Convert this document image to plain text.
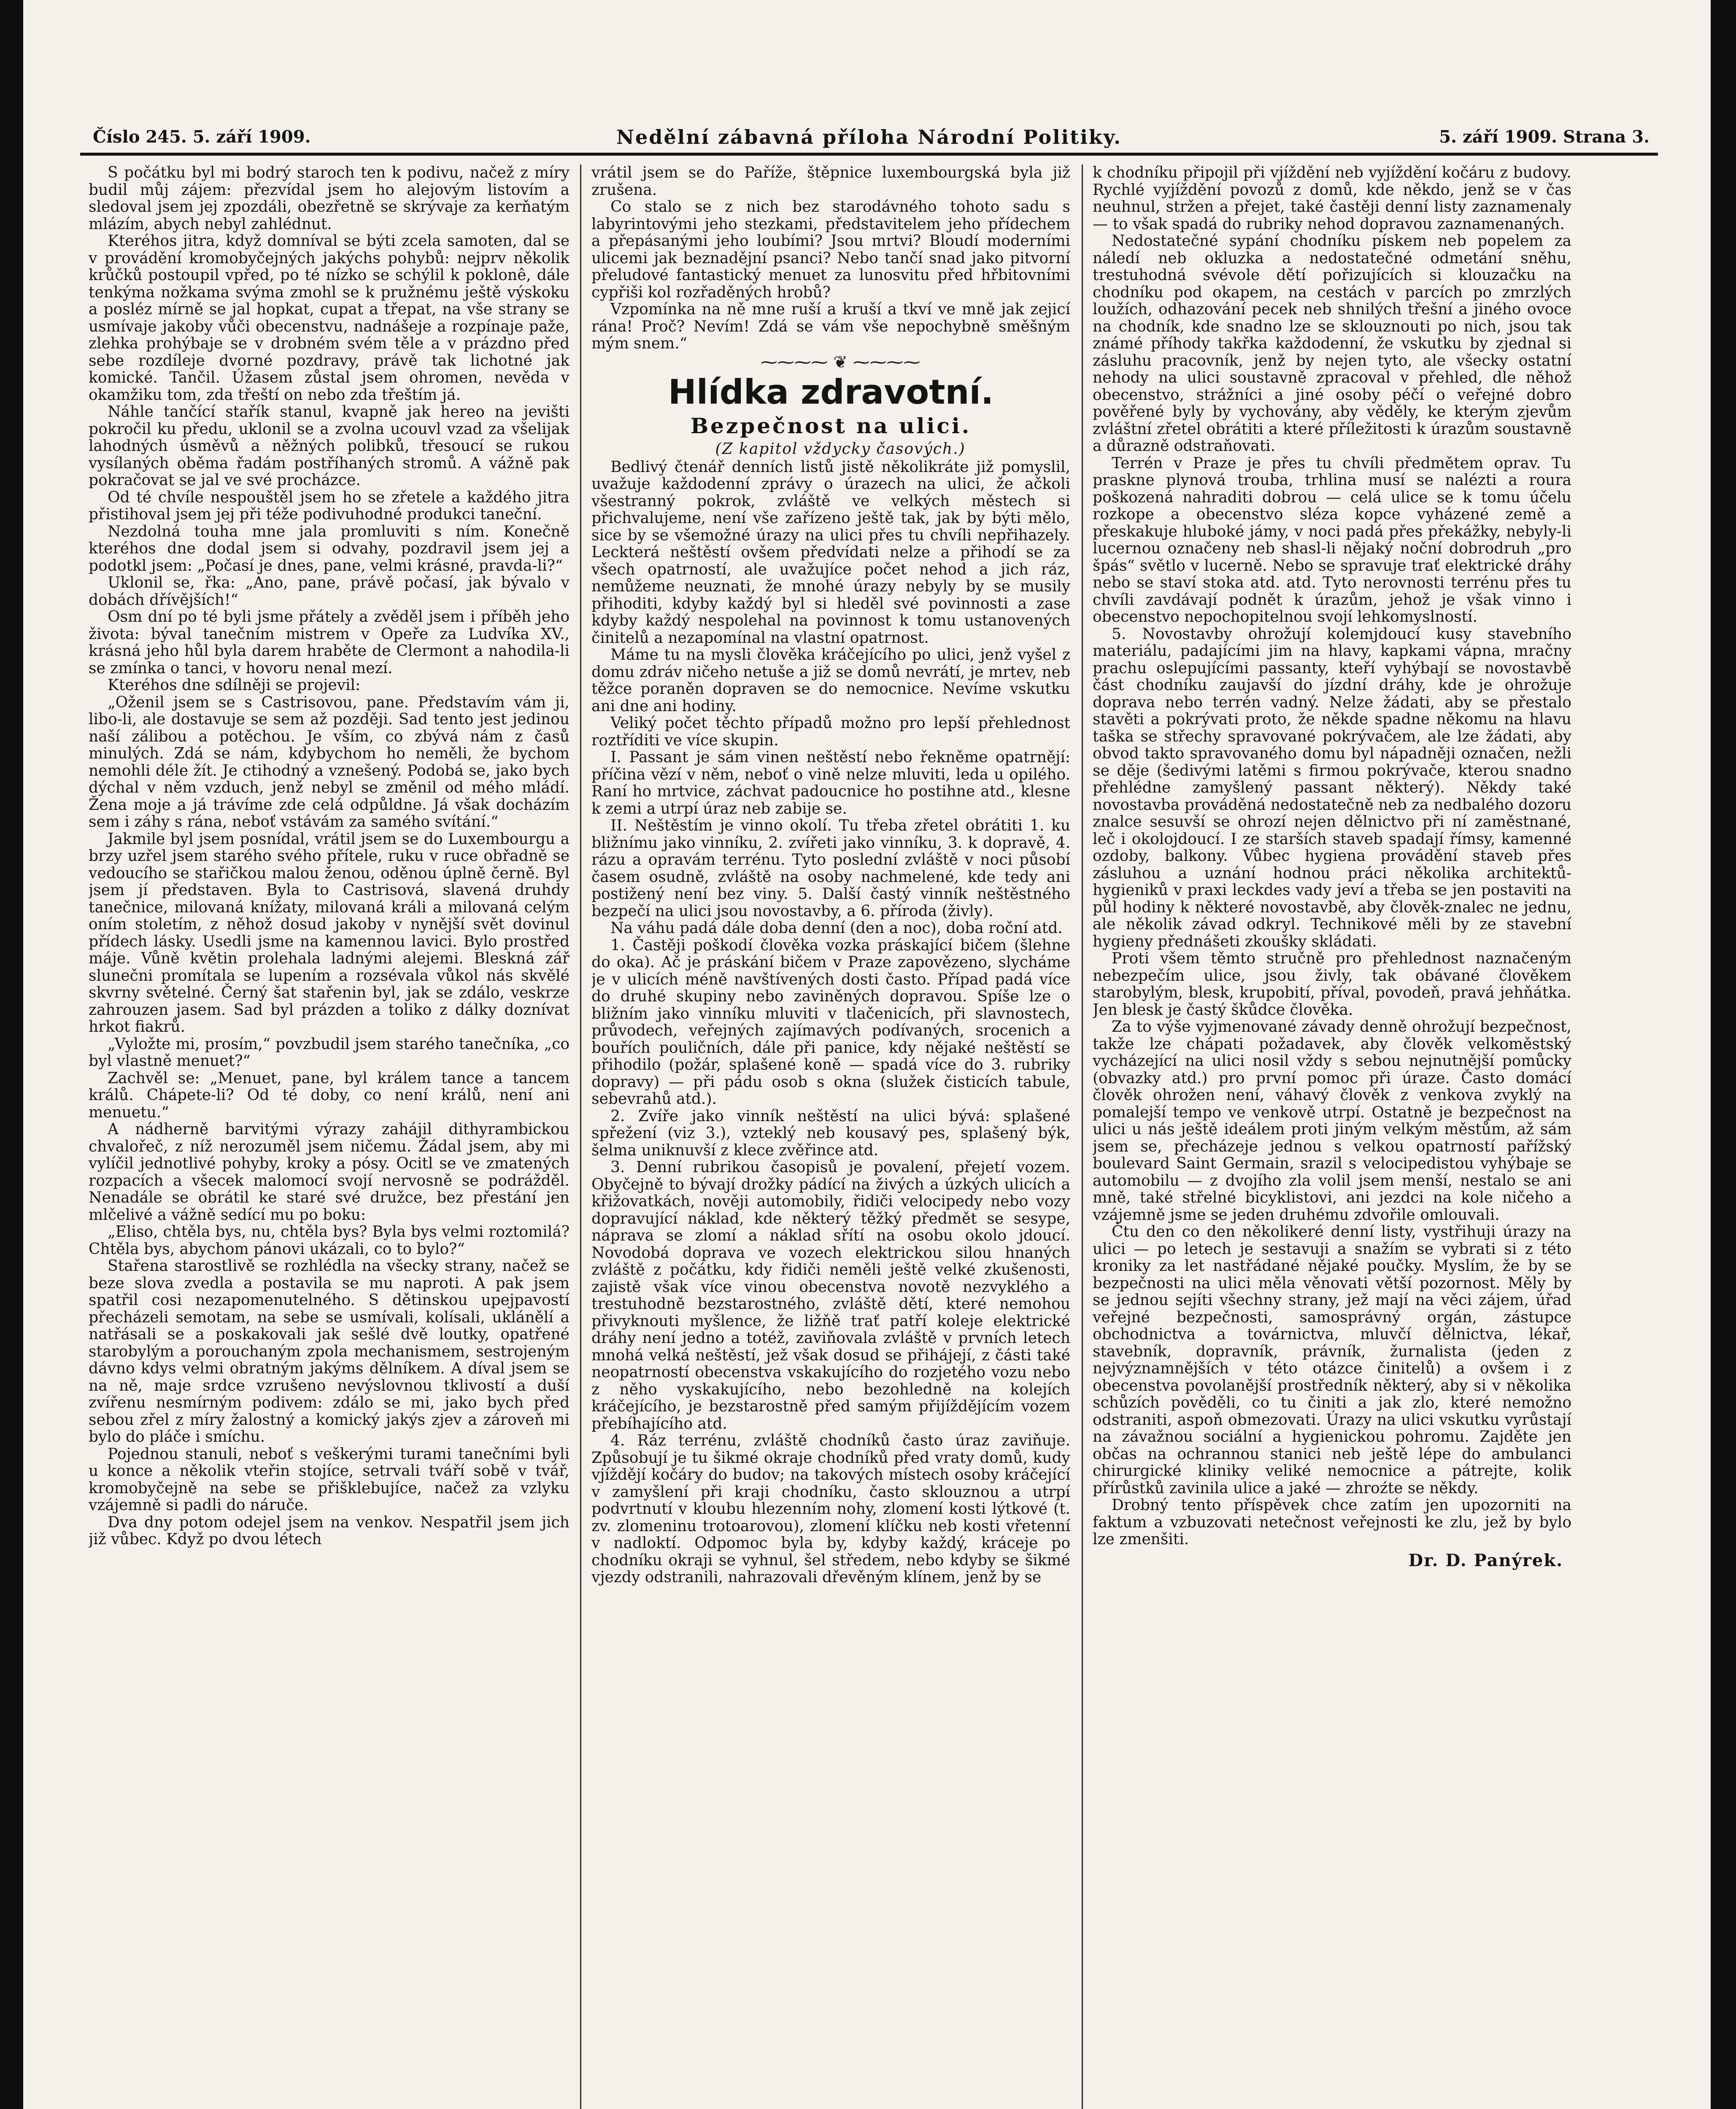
Číslo 245. 5. září 1909.	Nedělní zábavná příloha Národní Politiky.	5. září 1909. Strana 3.

S počátku byl mi bodrý staroch ten k podivu, načež z míry budil můj zájem: přezvídal jsem ho alejovým listovím a sledoval jsem jej zpozdáli, obezřetně se skrývaje za kerňatým mlázím, abych nebyl zahlédnut.

Kteréhos jitra, když domníval se býti zcela samoten, dal se v provádění kromobyčejných jakýchs pohybů: nejprv několik krůčků postoupil vpřed, po té nízko se schýlil k poklonê, dále tenkýma nožkama svýma zmohl se k pružnému ještě výskoku a posléz mírně se jal hopkat, cupat a třepat, na vše strany se usmívaje jakoby vůči obecenstvu, nadnášeje a rozpínaje paže, zlehka prohýbaje se v drobném svém těle a v prázdno před sebe rozdíleje dvorné pozdravy, právě tak lichotné jak komické. Tančil. Úžasem zůstal jsem ohromen, nevěda v okamžiku tom, zda třeští on nebo zda třeštím já.

Náhle tančící stařík stanul, kvapně jak hereo na jevišti pokročil ku předu, uklonil se a zvolna ucouvl vzad za všelijak lahodných úsměvů a něžných polibků, třesoucí se rukou vysílaných oběma řadám postříhaných stromů. A vážně pak pokračovat se jal ve své procházce.

Od té chvíle nespouštěl jsem ho se zřetele a každého jitra přistihoval jsem jej při téže podivuhodné produkci taneční.

Nezdolná touha mne jala promluviti s ním. Konečně kteréhos dne dodal jsem si odvahy, pozdravil jsem jej a podotkl jsem: „Počasí je dnes, pane, velmi krásné, pravda-li?“

Uklonil se, řka: „Ano, pane, právě počasí, jak bývalo v dobách dřívějších!“

Osm dní po té byli jsme přátely a zvěděl jsem i příběh jeho života: býval tanečním mistrem v Opeře za Ludvíka XV., krásná jeho hůl byla darem hraběte de Clermont a nahodila-li se zmínka o tanci, v hovoru nenal mezí.

Kteréhos dne sdílněji se projevil:

„Oženil jsem se s Castrisovou, pane. Představím vám ji, libo-li, ale dostavuje se sem až později. Sad tento jest jedinou naší zálibou a potěchou. Je vším, co zbývá nám z časů minulých. Zdá se nám, kdybychom ho neměli, že bychom nemohli déle žít. Je ctihodný a vznešený. Podobá se, jako bych dýchal v něm vzduch, jenž nebyl se změnil od mého mládí. Žena moje a já trávíme zde celá odpůldne. Já však docházím sem i záhy s rána, neboť vstávám za samého svítání.“

Jakmile byl jsem posnídal, vrátil jsem se do Luxembourgu a brzy uzřel jsem starého svého přítele, ruku v ruce obřadně se vedoucího se stařičkou malou ženou, oděnou úplně černě. Byl jsem jí představen. Byla to Castrisová, slavená druhdy tanečnice, milovaná knížaty, milovaná králi a milovaná celým oním stoletím, z něhož dosud jakoby v nynější svět dovinul přídech lásky. Usedli jsme na kamennou lavici. Bylo prostřed máje. Vůně květin prolehala ladnými alejemi. Bleskná zář slunečni promítala se lupením a rozsévala vůkol nás skvělé skvrny světelné. Černý šat stařenin byl, jak se zdálo, veskrze zahrouzen jasem. Sad byl prázden a toliko z dálky doznívat hrkot fiakrů.

„Vyložte mi, prosím,“ povzbudil jsem starého tanečníka, „co byl vlastně menuet?“

Zachvěl se: „Menuet, pane, byl králem tance a tancem králů. Chápete-li? Od té doby, co není králů, není ani menuetu.“

A nádherně barvitými výrazy zahájil dithyrambickou chvalořeč, z níž nerozuměl jsem ničemu. Žádal jsem, aby mi vylíčil jednotlivé pohyby, kroky a pósy. Ocitl se ve zmatených rozpacích a všecek malomocí svojí nervosně se podrážděl. Nenadále se obrátil ke staré své družce, bez přestání jen mlčelivé a vážně sedící mu po boku:

„Eliso, chtěla bys, nu, chtěla bys? Byla bys velmi roztomilá? Chtěla bys, abychom pánovi ukázali, co to bylo?“

Stařena starostlivě se rozhlédla na všecky strany, načež se beze slova zvedla a postavila se mu naproti. A pak jsem spatřil cosi nezapomenutelného. S dětinskou upejpavostí přecházeli semotam, na sebe se usmívali, kolísali, uklánělí a natřásali se a poskakovali jak sešlé dvě loutky, opatřené starobylým a porouchaným zpola mechanismem, sestrojeným dávno kdys velmi obratným jakýms dělníkem. A díval jsem se na ně, maje srdce vzrušeno nevýslovnou tklivostí a duší zvířenu nesmírným podivem: zdálo se mi, jako bych před sebou zřel z míry žalostný a komický jakýs zjev a zároveň mi bylo do pláče i smíchu.

Pojednou stanuli, neboť s veškerými turami tanečními byli u konce a několik vteřin stojíce, setrvali tváří sobě v tvář, kromobyčejně na sebe se přišklebujíce, načež za vzlyku vzájemně si padli do náruče.

Dva dny potom odejel jsem na venkov. Nespatřil jsem jich již vůbec. Když po dvou létech

vrátil jsem se do Paříže, štěpnice luxembourgská byla již zrušena.

Co stalo se z nich bez starodávného tohoto sadu s labyrintovými jeho stezkami, představitelem jeho přídechem a přepásanými jeho loubími? Jsou mrtvi? Bloudí moderními ulicemi jak beznadějní psanci? Nebo tančí snad jako pitvorní přeludové fantastický menuet za lunosvitu před hřbitovními cypřiši kol rozřaděných hrobů?

Vzpomínka na ně mne ruší a kruší a tkví ve mně jak zejicí rána! Proč? Nevím! Zdá se vám vše nepochybně směšným mým snem.“

⁓⁓⁓⁓ ❦ ⁓⁓⁓⁓

Hlídka zdravotní.
Bezpečnost na ulici.

(Z kapitol vždycky časových.)

Bedlivý čtenář denních listů jistě několikráte již pomyslil, uvažuje každodenní zprávy o úrazech na ulici, že ačkoli všestranný pokrok, zvláště ve velkých městech si přichvalujeme, není vše zařízeno ještě tak, jak by býti mělo, sice by se všemožné úrazy na ulici přes tu chvíli nepřihazely. Leckterá neštěstí ovšem předvídati nelze a přihodí se za všech opatrností, ale uvažujíce počet nehod a jich ráz, nemůžeme neuznati, že mnohé úrazy nebyly by se musily přihoditi, kdyby každý byl si hleděl své povinnosti a zase kdyby každý nespolehal na povinnost k tomu ustanovených činitelů a nezapomínal na vlastní opatrnost.

Máme tu na mysli člověka kráčejícího po ulici, jenž vyšel z domu zdráv ničeho netuše a již se domů nevrátí, je mrtev, neb těžce poraněn dopraven se do nemocnice. Nevíme vskutku ani dne ani hodiny.

Veliký počet těchto případů možno pro lepší přehlednost roztříditi ve více skupin.

I. Passant je sám vinen neštěstí nebo řekněme opatrnějí: příčina vězí v něm, neboť o vině nelze mluviti, leda u opilého. Raní ho mrtvice, záchvat padoucnice ho postihne atd., klesne k zemi a utrpí úraz neb zabije se.

II. Neštěstím je vinno okolí. Tu třeba zřetel obrátiti 1. ku bližnímu jako vinníku, 2. zvířeti jako vinníku, 3. k dopravě, 4. rázu a opravám terrénu. Tyto poslední zvláště v noci působí časem osudně, zvláště na osoby nachmelené, kde tedy ani postižený není bez viny. 5. Další častý vinník neštěstného bezpečí na ulici jsou novostavby, a 6. příroda (živly).

Na váhu padá dále doba denní (den a noc), doba roční atd.

1. Častěji poškodí člověka vozka práskající bičem (šlehne do oka). Ač je práskání bičem v Praze zapovězeno, slycháme je v ulicích méně navštívených dosti často. Případ padá více do druhé skupiny nebo zaviněných dopravou. Spíše lze o bližním jako vinníku mluviti v tlačenicích, při slavnostech, průvodech, veřejných zajímavých podívaných, srocenich a bouřích pouličních, dále při panice, kdy nějaké neštěstí se přihodilo (požár, splašené koně — spadá více do 3. rubriky dopravy) — při pádu osob s okna (služek čisticích tabule, sebevrahů atd.).

2. Zvíře jako vinník neštěstí na ulici bývá: splašené spřežení (viz 3.), vzteklý neb kousavý pes, splašený býk, šelma uniknuvší z klece zvěřince atd.

3. Denní rubrikou časopisů je povalení, přejetí vozem. Obyčejně to bývají drožky pádící na živých a úzkých ulicích a křižovatkách, nověji automobily, řidiči velocipedy nebo vozy dopravující náklad, kde některý těžký předmět se sesype, náprava se zlomí a náklad sřítí na osobu okolo jdoucí. Novodobá doprava ve vozech elektrickou silou hnaných zvláště z počátku, kdy řidiči neměli ještě velké zkušenosti, zajistě však více vinou obecenstva novotě nezvyklého a trestuhodně bezstarostného, zvláště dětí, které nemohou přivyknouti myšlence, že ližňě trať patří koleje elektrické dráhy není jedno a totéž, zaviňovala zvláště v prvních letech mnohá velká neštěstí, jež však dosud se přihájejí, z části také neopatrností obecenstva vskakujícího do rozjetého vozu nebo z něho vyskakujícího, nebo bezohledně na kolejích kráčejícího, je bezstarostně před samým přijíždějícím vozem přebíhajícího atd.

4. Ráz terrénu, zvláště chodníků často úraz zaviňuje. Způsobují je tu šikmé okraje chodníků před vraty domů, kudy vjíždějí kočáry do budov; na takových místech osoby kráčející v zamyšlení při kraji chodníku, často sklouznou a utrpí podvrtnutí v kloubu hlezenním nohy, zlomení kosti lýtkové (t. zv. zlomeninu trotoarovou), zlomení klíčku neb kosti vřetenní v nadloktí. Odpomoc byla by, kdyby každý, kráceje po chodníku okraji se vyhnul, šel středem, nebo kdyby se šikmé vjezdy odstranili, nahrazovali dřevěným klínem, jenž by se

k chodníku připojil při vjíždění neb vyjíždění kočáru z budovy. Rychlé vyjíždění povozů z domů, kde někdo, jenž se v čas neuhnul, stržen a přejet, také častěji denní listy zaznamenaly — to však spadá do rubriky nehod dopravou zaznamenaných.

Nedostatečné sypání chodníku pískem neb popelem za náledí neb okluzka a nedostatečné odmetání sněhu, trestuhodná svévole dětí pořizujících si klouzačku na chodníku pod okapem, na cestách v parcích po zmrzlých loužích, odhazování pecek neb shnilých třešní a jiného ovoce na chodník, kde snadno lze se sklouznouti po nich, jsou tak známé příhody takřka každodenní, že vskutku by zjednal si zásluhu pracovník, jenž by nejen tyto, ale všecky ostatní nehody na ulici soustavně zpracoval v přehled, dle něhož obecenstvo, strážníci a jiné osoby péčí o veřejné dobro pověřené byly by vychovány, aby věděly, ke kterým zjevům zvláštní zřetel obrátiti a které příležitosti k úrazům soustavně a důrazně odstraňovati.

Terrén v Praze je přes tu chvíli předmětem oprav. Tu praskne plynová trouba, trhlina musí se nalézti a roura poškozená nahraditi dobrou — celá ulice se k tomu účelu rozkope a obecenstvo sléza kopce vyházené země a přeskakuje hluboké jámy, v noci padá přes překážky, nebyly-li lucernou označeny neb shasl-li nějaký noční dobrodruh „pro špás“ světlo v lucerně. Nebo se spravuje trať elektrické dráhy nebo se staví stoka atd. atd. Tyto nerovnosti terrénu přes tu chvíli zavdávají podnět k úrazům, jehož je však vinno i obecenstvo nepochopitelnou svojí lehkomyslností.

5. Novostavby ohrožují kolemjdoucí kusy stavebního materiálu, padajícími jim na hlavy, kapkami vápna, mračny prachu oslepujícími passanty, kteří vyhýbají se novostavbě část chodníku zaujavší do jízdní dráhy, kde je ohrožuje doprava nebo terrén vadný. Nelze žádati, aby se přestalo stavěti a pokrývati proto, že někde spadne někomu na hlavu taška se střechy spravované pokrývačem, ale lze žádati, aby obvod takto spravovaného domu byl nápadněji označen, nežli se děje (šedivými latěmi s firmou pokrývače, kterou snadno přehlédne zamyšlený passant některý). Někdy také novostavba prováděná nedostatečně neb za nedbalého dozoru znalce sesuvší se ohrozí nejen dělnictvo při ní zaměstnané, leč i okolojdoucí. I ze starších staveb spadají římsy, kamenné ozdoby, balkony. Vůbec hygiena provádění staveb přes zásluhou a uznání hodnou práci několika architektů-hygieniků v praxi leckdes vady jeví a třeba se jen postaviti na půl hodiny k některé novostavbě, aby člověk-znalec ne jednu, ale několik závad odkryl. Technikové měli by ze stavební hygieny přednášeti zkoušky skládati.

Proti všem těmto stručně pro přehlednost naznačeným nebezpečím ulice, jsou živly, tak obávané člověkem starobylým, blesk, krupobití, příval, povodeň, pravá jehňátka. Jen blesk je častý škůdce člověka.

Za to výše vyjmenované závady denně ohrožují bezpečnost, takže lze chápati požadavek, aby člověk velkoměstský vycházející na ulici nosil vždy s sebou nejnutnější pomůcky (obvazky atd.) pro první pomoc při úraze. Často domácí člověk ohrožen není, váhavý člověk z venkova zvyklý na pomalejší tempo ve venkově utrpí. Ostatně je bezpečnost na ulici u nás ještě ideálem proti jiným velkým městům, až sám jsem se, přecházeje jednou s velkou opatrností pařížský boulevard Saint Germain, srazil s velocipedistou vyhýbaje se automobilu — z dvojího zla volil jsem menší, nestalo se ani mně, také střelné bicyklistovi, ani jezdci na kole ničeho a vzájemně jsme se jeden druhému zdvořile omlouvali.

Čtu den co den několikeré denní listy, vystřihuji úrazy na ulici — po letech je sestavuji a snažím se vybrati si z této kroniky za let nastřádané nějaké poučky. Myslím, že by se bezpečnosti na ulici měla věnovati větší pozornost. Měly by se jednou sejíti všechny strany, jež mají na věci zájem, úřad veřejné bezpečnosti, samosprávný orgán, zástupce obchodnictva a továrnictva, mluvčí dělnictva, lékař, stavebník, dopravník, právník, žurnalista (jeden z nejvýznamnějších v této otázce činitelů) a ovšem i z obecenstva povolanější prostředník některý, aby si v několika schůzích pověděli, co tu činiti a jak zlo, které nemožno odstraniti, aspoň obmezovati. Úrazy na ulici vskutku vyrůstají na závažnou sociální a hygienickou pohromu. Zajděte jen občas na ochrannou stanici neb ještě lépe do ambulanci chirurgické kliniky veliké nemocnice a pátrejte, kolik přírůstků zavinila ulice a jaké — zhroźte se někdy.

Drobný tento příspěvek chce zatím jen upozorniti na faktum a vzbuzovati netečnost veřejnosti ke zlu, jež by bylo lze zmenšiti.

Dr. D. Panýrek.
